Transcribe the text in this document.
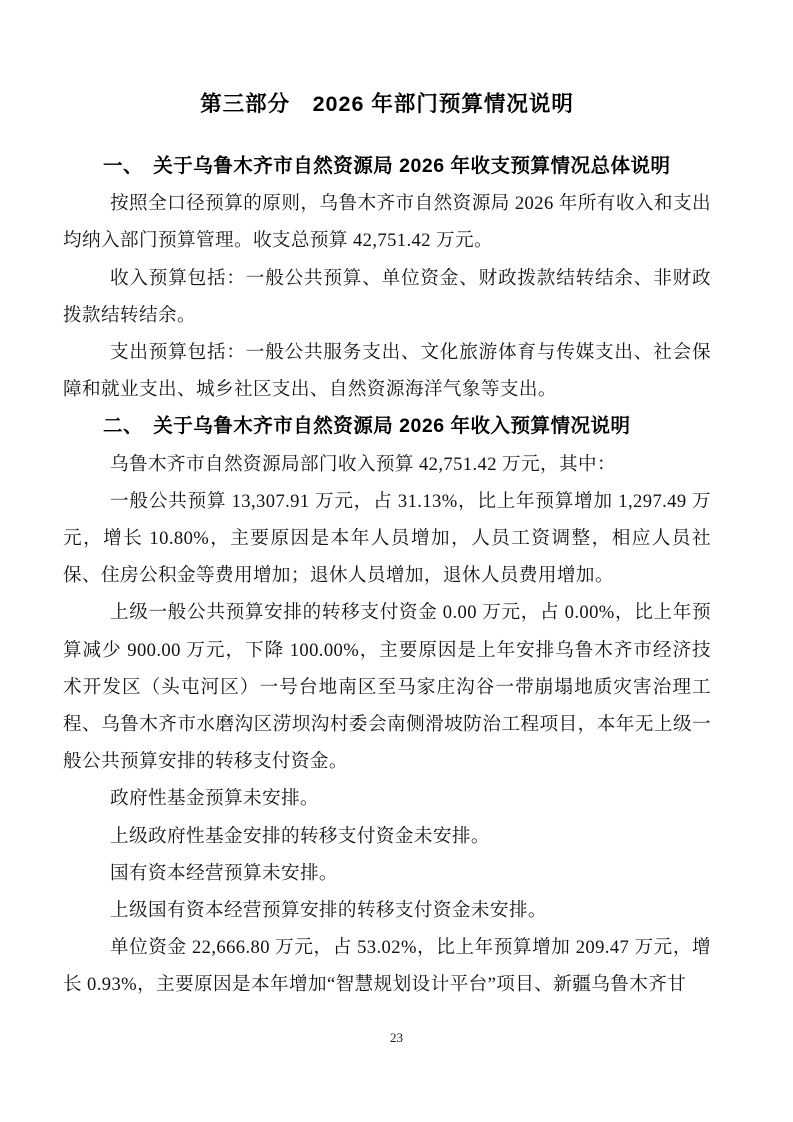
第三部分　2026 年部门预算情况说明
一、　关于乌鲁木齐市自然资源局 2026 年收支预算情况总体说明

按照全口径预算的原则，乌鲁木齐市自然资源局 2026 年所有收入和支出均纳入部门预算管理。收支总预算 42,751.42 万元。

收入预算包括：一般公共预算、单位资金、财政拨款结转结余、非财政拨款结转结余。

支出预算包括：一般公共服务支出、文化旅游体育与传媒支出、社会保障和就业支出、城乡社区支出、自然资源海洋气象等支出。

二、　关于乌鲁木齐市自然资源局 2026 年收入预算情况说明

乌鲁木齐市自然资源局部门收入预算 42,751.42 万元，其中：

一般公共预算 13,307.91 万元，占 31.13%，比上年预算增加 1,297.49 万元，增长 10.80%，主要原因是本年人员增加，人员工资调整，相应人员社保、住房公积金等费用增加；退休人员增加，退休人员费用增加。

上级一般公共预算安排的转移支付资金 0.00 万元，占 0.00%，比上年预算减少 900.00 万元，下降 100.00%，主要原因是上年安排乌鲁木齐市经济技术开发区（头屯河区）一号台地南区至马家庄沟谷一带崩塌地质灾害治理工程、乌鲁木齐市水磨沟区涝坝沟村委会南侧滑坡防治工程项目，本年无上级一般公共预算安排的转移支付资金。

政府性基金预算未安排。

上级政府性基金安排的转移支付资金未安排。

国有资本经营预算未安排。

上级国有资本经营预算安排的转移支付资金未安排。

单位资金 22,666.80 万元，占 53.02%，比上年预算增加 209.47 万元，增长 0.93%，主要原因是本年增加“智慧规划设计平台”项目、新疆乌鲁木齐甘

23
